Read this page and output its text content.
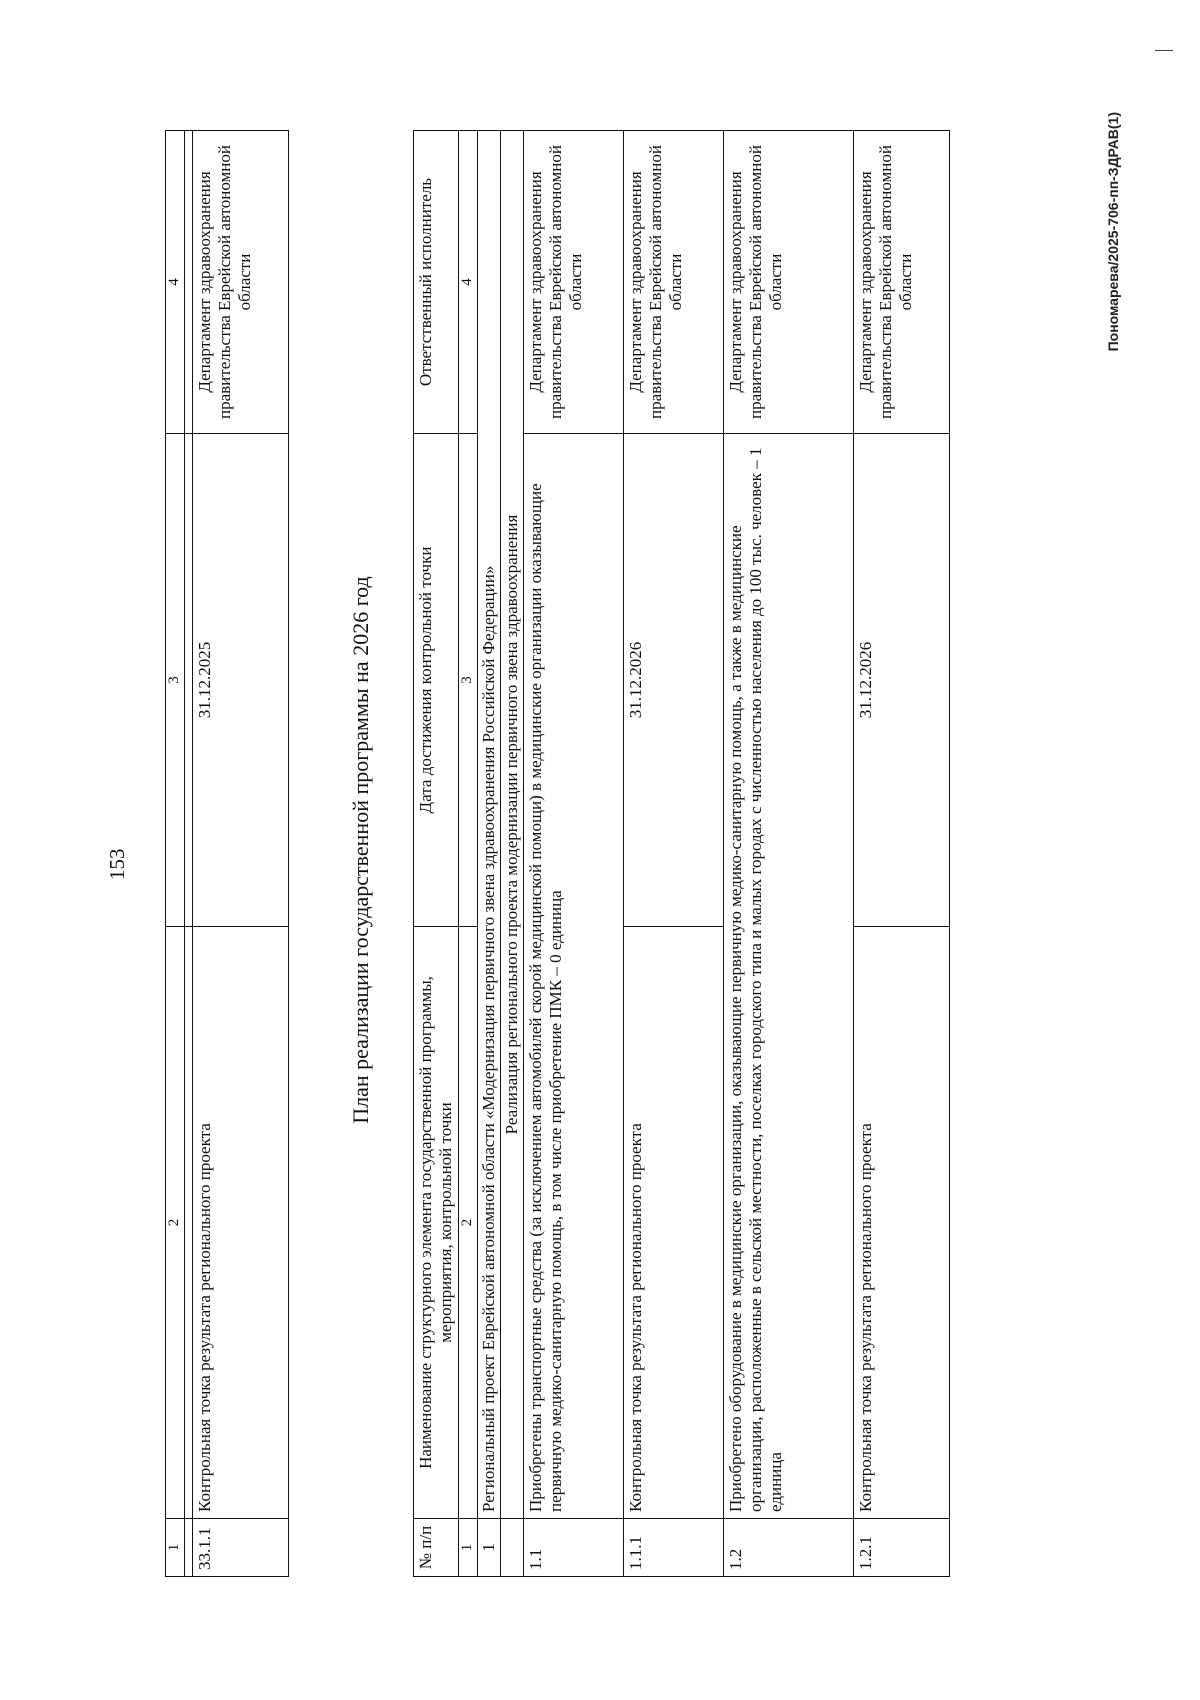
153
1	2	3	4

33.1.1	Контрольная точка результата регионального проекта	31.12.2025	Департамент здравоохранения правительства Еврейской автономной области
План реализации государственной программы на 2026 год
№ п/п	Наименование структурного элемента государственной программы, мероприятия, контрольной точки	Дата достижения контрольной точки	Ответственный исполнитель
1	2	3	4
1	Региональный проект Еврейской автономной области «Модернизация первичного звена здравоохранения Российской Федерации»		
	Реализация регионального проекта модернизации первичного звена здравоохранения		
1.1	Приобретены транспортные средства (за исключением автомобилей скорой медицинской помощи) в медицинские организации оказывающие первичную медико-санитарную помощь, в том числе приобретение ПМК – 0 единица		Департамент здравоохранения правительства Еврейской автономной области
1.1.1	Контрольная точка результата регионального проекта	31.12.2026	Департамент здравоохранения правительства Еврейской автономной области
1.2	Приобретено оборудование в медицинские организации, оказывающие первичную медико-санитарную помощь, а также в медицинские организации, расположенные в сельской местности, поселках городского типа и малых городах с численностью населения до 100 тыс. человек – 1 единица		Департамент здравоохранения правительства Еврейской автономной области
1.2.1	Контрольная точка результата регионального проекта	31.12.2026	Департамент здравоохранения правительства Еврейской автономной области	Пономарева/2025-706-пп-ЗДРАВ(1)
